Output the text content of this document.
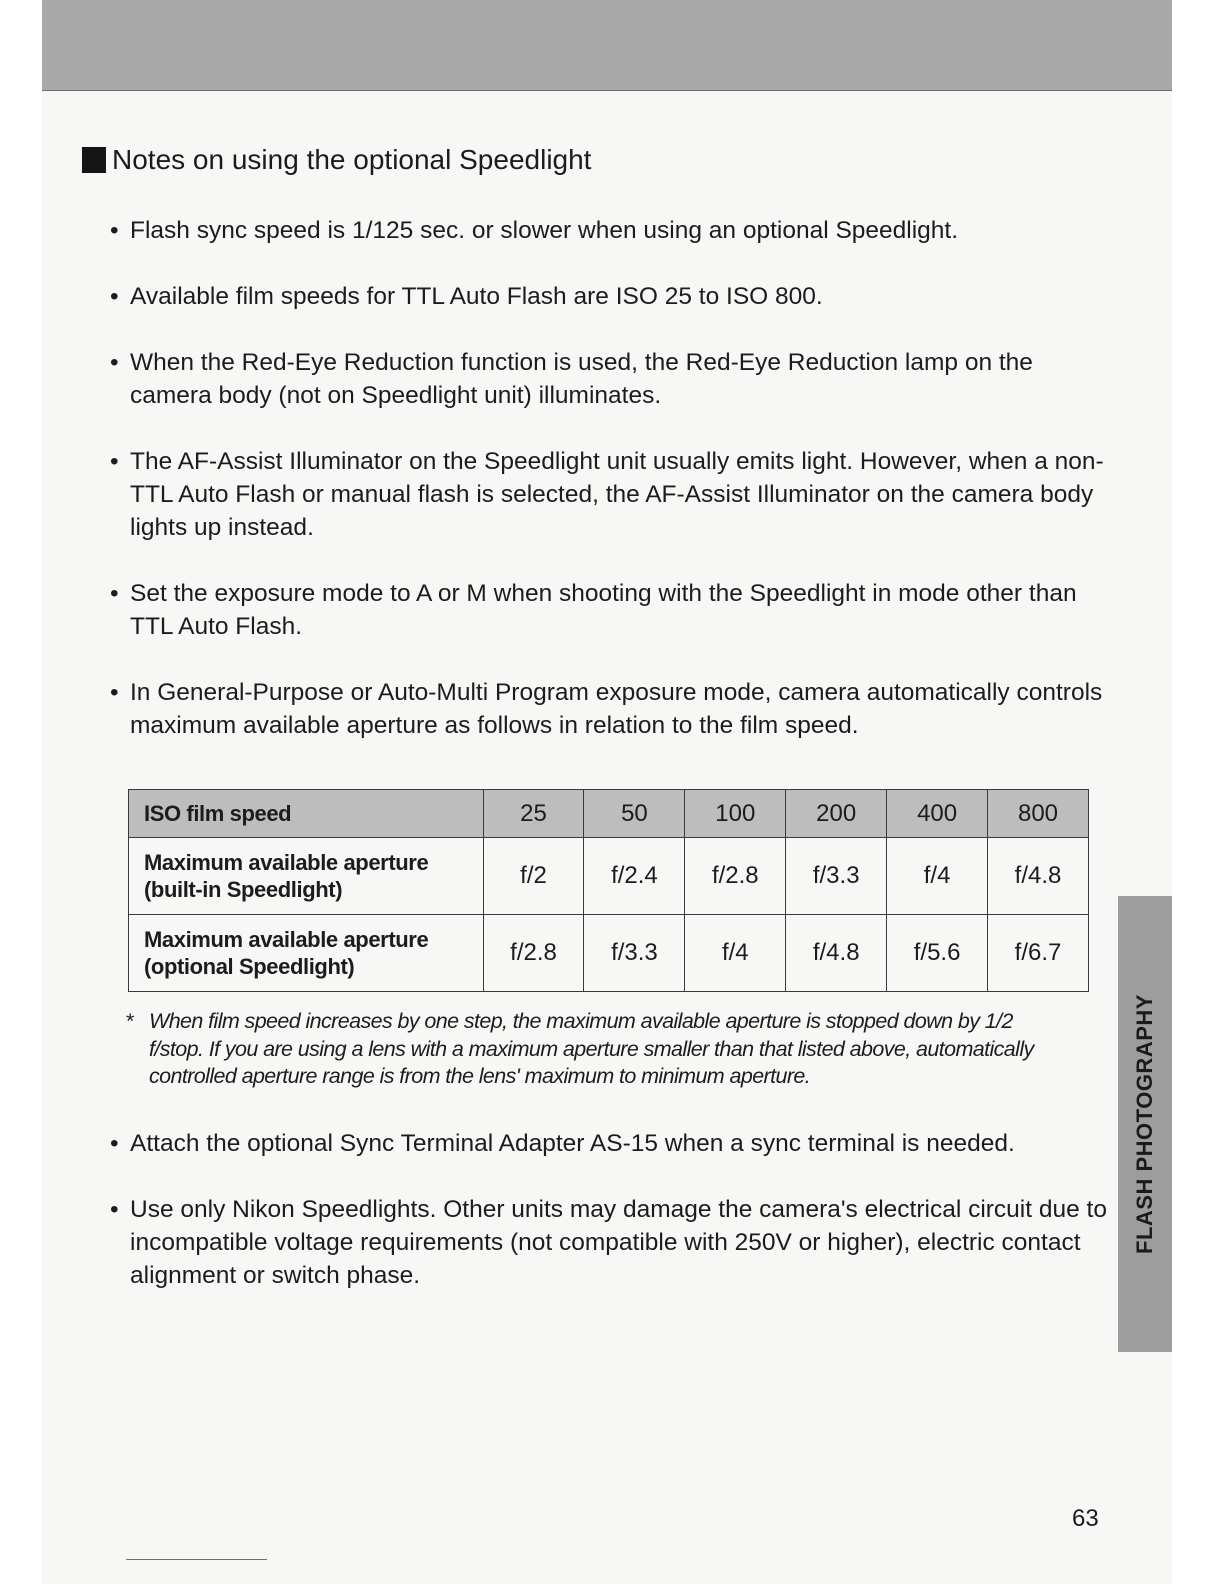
Notes on using the optional Speedlight
• Flash sync speed is 1/125 sec. or slower when using an optional Speedlight.
• Available film speeds for TTL Auto Flash are ISO 25 to ISO 800.
• When the Red-Eye Reduction function is used, the Red-Eye Reduction lamp on the camera body (not on Speedlight unit) illuminates.
• The AF-Assist Illuminator on the Speedlight unit usually emits light. However, when a non-TTL Auto Flash or manual flash is selected, the AF-Assist Illuminator on the camera body lights up instead.
• Set the exposure mode to A or M when shooting with the Speedlight in mode other than TTL Auto Flash.
• In General-Purpose or Auto-Multi Program exposure mode, camera automatically controls maximum available aperture as follows in relation to the film speed.
ISO film speed	25	50	100	200	400	800

Maximum available aperture
(built-in Speedlight)	f/2	f/2.4	f/2.8	f/3.3	f/4	f/4.8

Maximum available aperture
(optional Speedlight)	f/2.8	f/3.3	f/4	f/4.8	f/5.6	f/6.7
* When film speed increases by one step, the maximum available aperture is stopped down by 1/2 f/stop. If you are using a lens with a maximum aperture smaller than that listed above, automatically controlled aperture range is from the lens' maximum to minimum aperture.
• Attach the optional Sync Terminal Adapter AS-15 when a sync terminal is needed.
• Use only Nikon Speedlights. Other units may damage the camera's electrical circuit due to incompatible voltage requirements (not compatible with 250V or higher), electric contact alignment or switch phase.
FLASH PHOTOGRAPHY
63
